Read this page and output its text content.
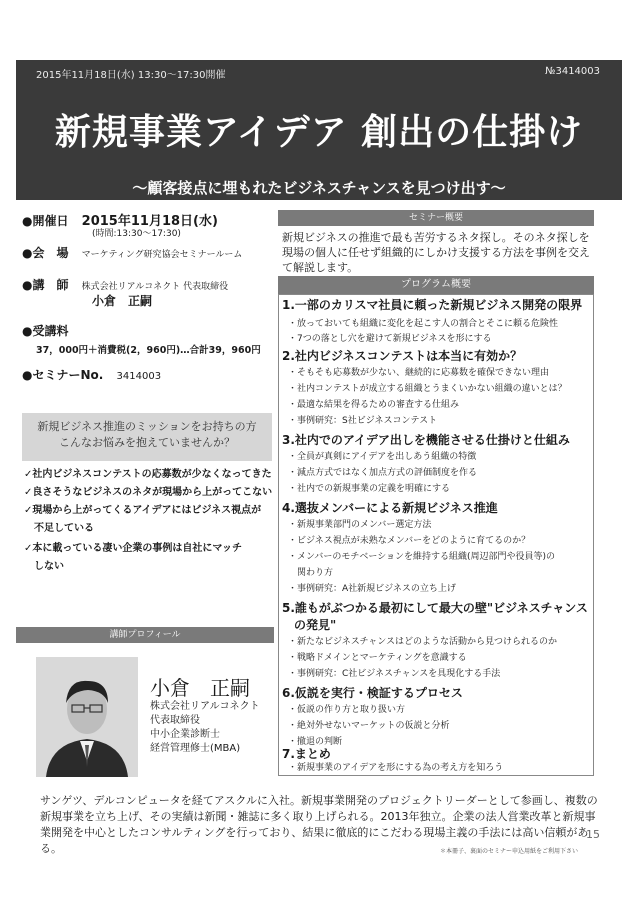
2015年11月18日(水) 13:30～17:30開催	№3414003
新規事業アイデア 創出の仕掛け
～顧客接点に埋もれたビジネスチャンスを見つけ出す～
●開催日 2015年11月18日(水)
(時間:13:30～17:30)
●会　場 マーケティング研究協会セミナールーム
●講　師 株式会社リアルコネクト 代表取締役
小倉　正嗣
●受講料
37，000円＋消費税(2，960円)…合計39，960円
●セミナーNo. 3414003
新規ビジネス推進のミッションをお持ちの方
こんなお悩みを抱えていませんか？
✓社内ビジネスコンテストの応募数が少なくなってきた
✓良さそうなビジネスのネタが現場から上がってこない
✓現場から上がってくるアイデアにはビジネス視点が
　不足している
✓本に載っている凄い企業の事例は自社にマッチ
　しない
講師プロフィール
小倉　正嗣
株式会社リアルコネクト
代表取締役
中小企業診断士
経営管理修士(MBA)
セミナー概要
新規ビジネスの推進で最も苦労するネタ探し。そのネタ探しを現場の個人に任せず組織的にしかけ支援する方法を事例を交えて解説します。
プログラム概要
1.一部のカリスマ社員に頼った新規ビジネス開発の限界
・放っておいても組織に変化を起こす人の割合とそこに頼る危険性
・7つの落とし穴を避けて新規ビジネスを形にする
2.社内ビジネスコンテストは本当に有効か？
・そもそも応募数が少ない、継続的に応募数を確保できない理由
・社内コンテストが成立する組織とうまくいかない組織の違いとは？
・最適な結果を得るための審査する仕組み
・事例研究：S社ビジネスコンテスト
3.社内でのアイデア出しを機能させる仕掛けと仕組み
・全員が真剣にアイデアを出しあう組織の特徴
・減点方式ではなく加点方式の評価制度を作る
・社内での新規事業の定義を明確にする
4.選抜メンバーによる新規ビジネス推進
・新規事業部門のメンバー選定方法
・ビジネス視点が未熟なメンバーをどのように育てるのか？
・メンバーのモチベーションを維持する組織(周辺部門や役員等)の
　関わり方
・事例研究：A社新規ビジネスの立ち上げ
5.誰もがぶつかる最初にして最大の壁"ビジネスチャンス
　の発見"
・新たなビジネスチャンスはどのような活動から見つけられるのか
・戦略ドメインとマーケティングを意識する
・事例研究：C社ビジネスチャンスを具現化する手法
6.仮説を実行・検証するプロセス
・仮説の作り方と取り扱い方
・絶対外せないマーケットの仮説と分析
・撤退の判断
7.まとめ
・新規事業のアイデアを形にする為の考え方を知ろう
サンゲツ、デルコンピュータを経てアスクルに入社。新規事業開発のプロジェクトリーダーとして参画し、複数の新規事業を立ち上げ、その実績は新聞・雑誌に多く取り上げられる。2013年独立。企業の法人営業改革と新規事業開発を中心としたコンサルティングを行っており、結果に徹底的にこだわる現場主義の手法には高い信頼がある。
15
＊本冊子、裏面のセミナー申込用紙をご利用下さい
